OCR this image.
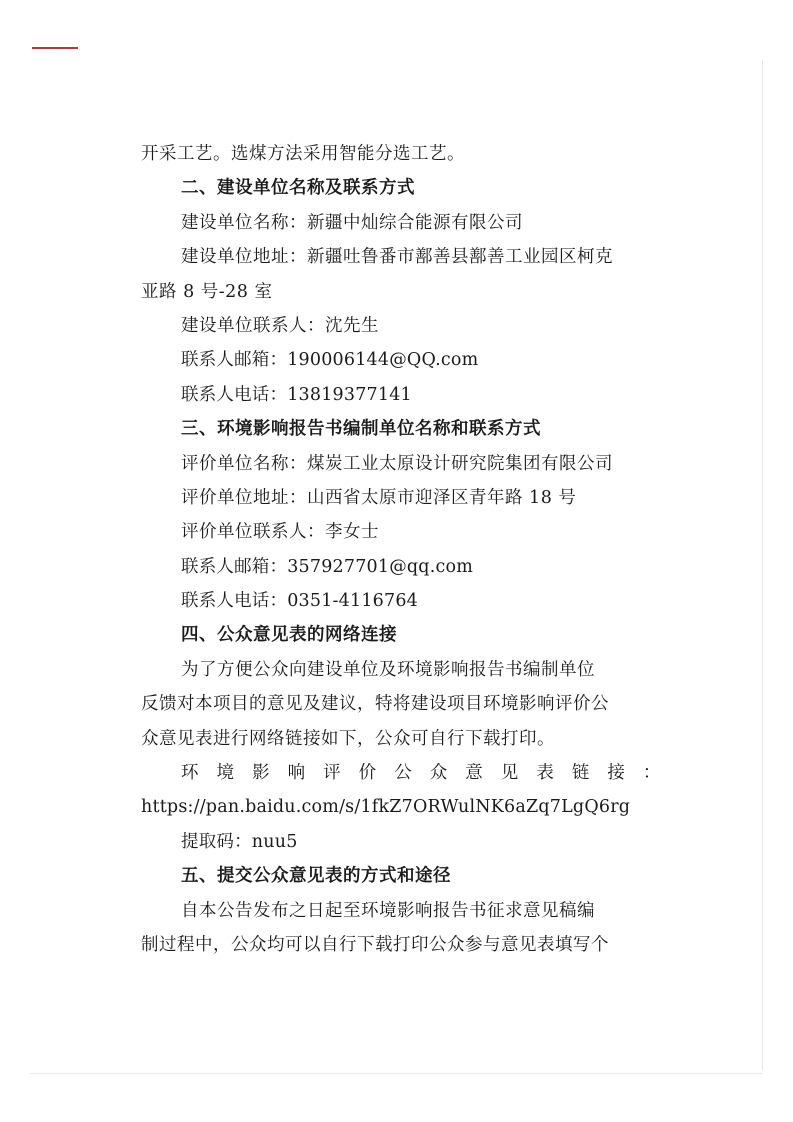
开采工艺。选煤方法采用智能分选工艺。
二、建设单位名称及联系方式
建设单位名称：新疆中灿综合能源有限公司
建设单位地址：新疆吐鲁番市鄯善县鄯善工业园区柯克
亚路 8 号-28 室
建设单位联系人：沈先生
联系人邮箱：190006144@QQ.com
联系人电话：13819377141
三、环境影响报告书编制单位名称和联系方式
评价单位名称：煤炭工业太原设计研究院集团有限公司
评价单位地址：山西省太原市迎泽区青年路 18 号
评价单位联系人：李女士
联系人邮箱：357927701@qq.com
联系人电话：0351-4116764
四、公众意见表的网络连接
为了方便公众向建设单位及环境影响报告书编制单位
反馈对本项目的意见及建议，特将建设项目环境影响评价公
众意见表进行网络链接如下，公众可自行下载打印。
环 境 影 响 评 价 公 众 意 见 表 链 接 ：
https://pan.baidu.com/s/1fkZ7ORWulNK6aZq7LgQ6rg
提取码：nuu5
五、提交公众意见表的方式和途径
自本公告发布之日起至环境影响报告书征求意见稿编
制过程中，公众均可以自行下载打印公众参与意见表填写个
